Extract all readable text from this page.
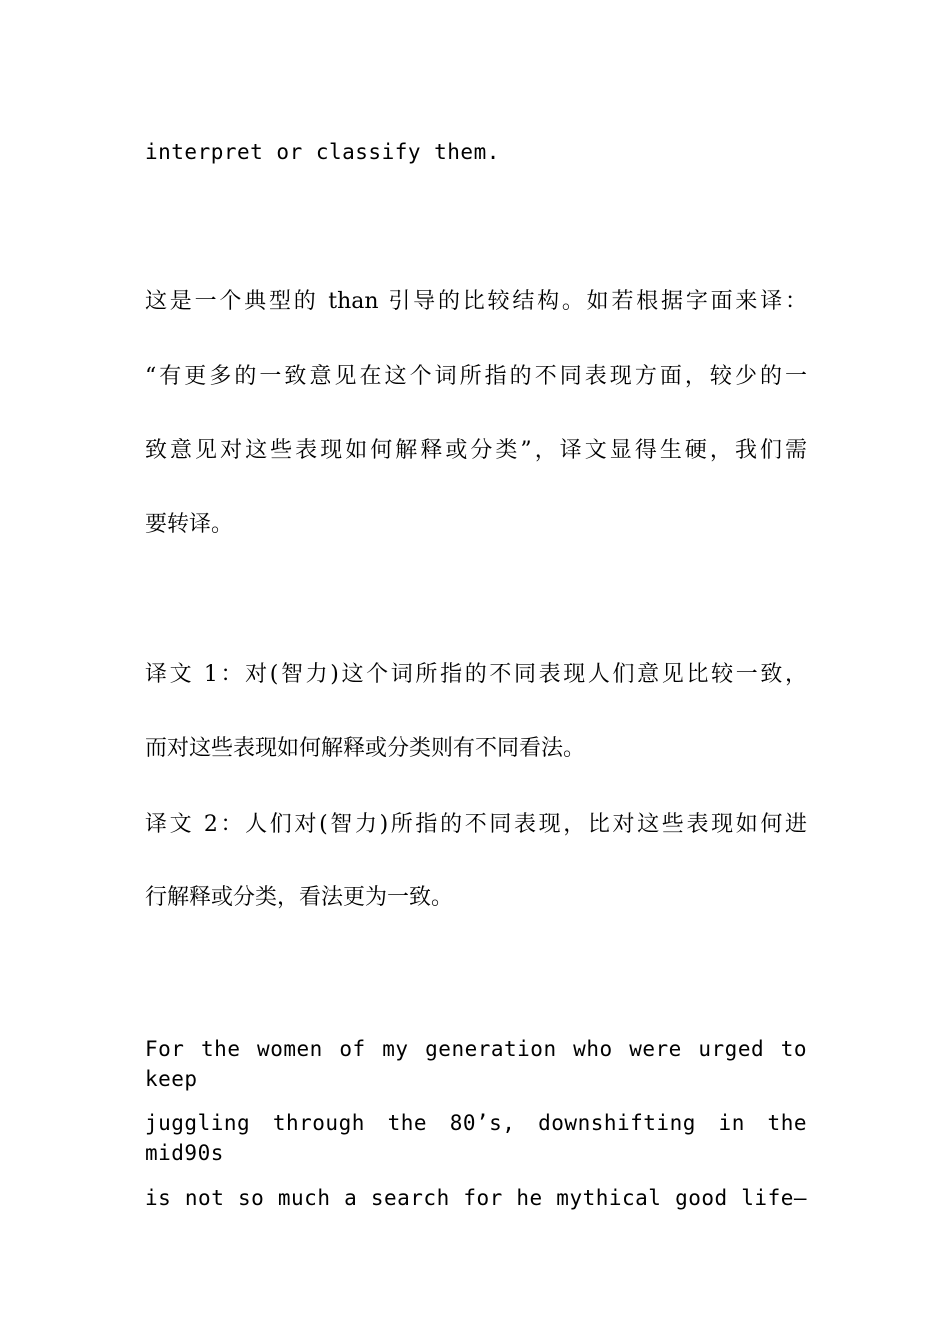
interpret or classify them.
这是一个典型的 than 引导的比较结构。如若根据字面来译：
“有更多的一致意见在这个词所指的不同表现方面，较少的一
致意见对这些表现如何解释或分类”，译文显得生硬，我们需
要转译。
译文 1：对(智力)这个词所指的不同表现人们意见比较一致，
而对这些表现如何解释或分类则有不同看法。
译文 2：人们对(智力)所指的不同表现，比对这些表现如何进
行解释或分类，看法更为一致。
For the women of my generation who were urged to keep
juggling through the 80’s, downshifting in the mid90s
is not so much a search for he mythical good life—
